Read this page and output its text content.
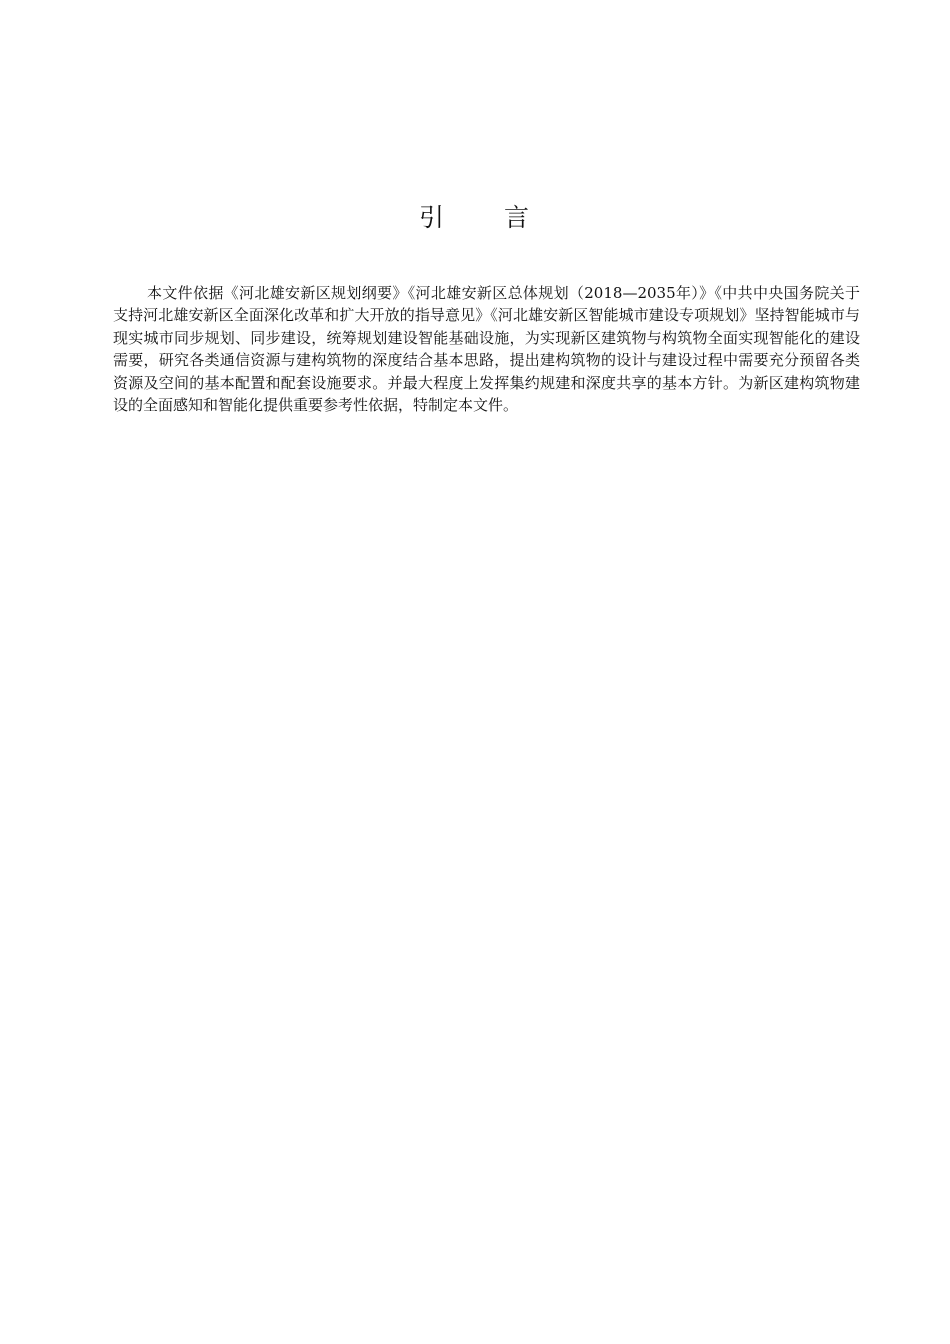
引 言

本文件依据《河北雄安新区规划纲要》《河北雄安新区总体规划（2018—2035年）》《中共中央国务院关于支持河北雄安新区全面深化改革和扩大开放的指导意见》《河北雄安新区智能城市建设专项规划》坚持智能城市与现实城市同步规划、同步建设，统筹规划建设智能基础设施，为实现新区建筑物与构筑物全面实现智能化的建设需要，研究各类通信资源与建构筑物的深度结合基本思路，提出建构筑物的设计与建设过程中需要充分预留各类资源及空间的基本配置和配套设施要求。并最大程度上发挥集约规建和深度共享的基本方针。为新区建构筑物建设的全面感知和智能化提供重要参考性依据，特制定本文件。
